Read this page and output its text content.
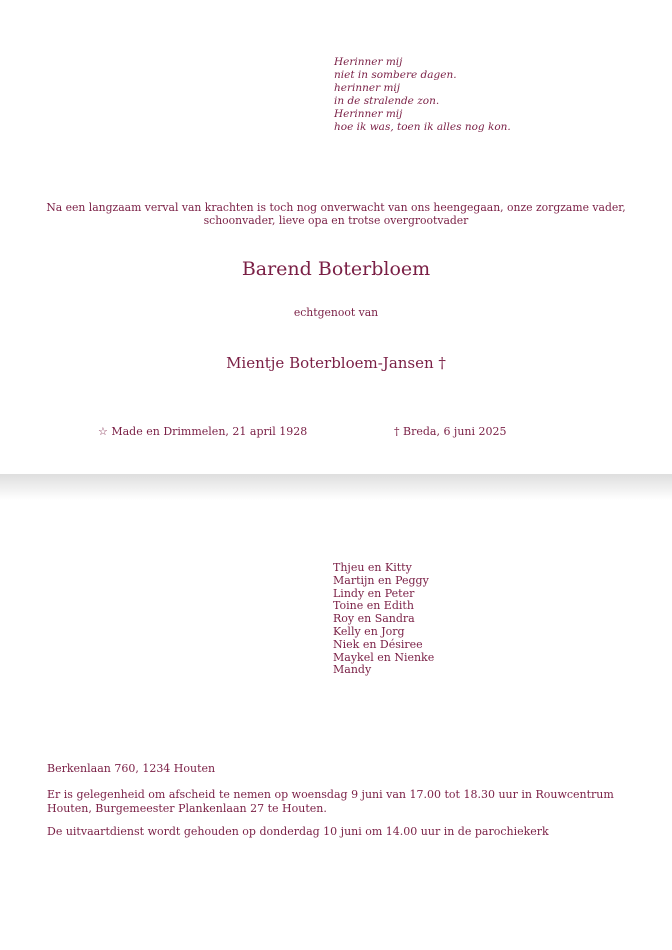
Herinner mij
niet in sombere dagen.
herinner mij
in de stralende zon.
Herinner mij
hoe ik was, toen ik alles nog kon.
Na een langzaam verval van krachten is toch nog onverwacht van ons heengegaan, onze zorgzame vader, schoonvader, lieve opa en trotse overgrootvader
Barend Boterbloem
echtgenoot van
Mientje Boterbloem-Jansen †
☆ Made en Drimmelen, 21 april 1928	† Breda, 6 juni 2025
Thjeu en Kitty
Martijn en Peggy
Lindy en Peter
Toine en Edith
Roy en Sandra
Kelly en Jorg
Niek en Désiree
Maykel en Nienke
Mandy
Berkenlaan 760, 1234 Houten
Er is gelegenheid om afscheid te nemen op woensdag 9 juni van 17.00 tot 18.30 uur in Rouwcentrum Houten, Burgemeester Plankenlaan 27 te Houten.
De uitvaartdienst wordt gehouden op donderdag 10 juni om 14.00 uur in de parochiekerk
